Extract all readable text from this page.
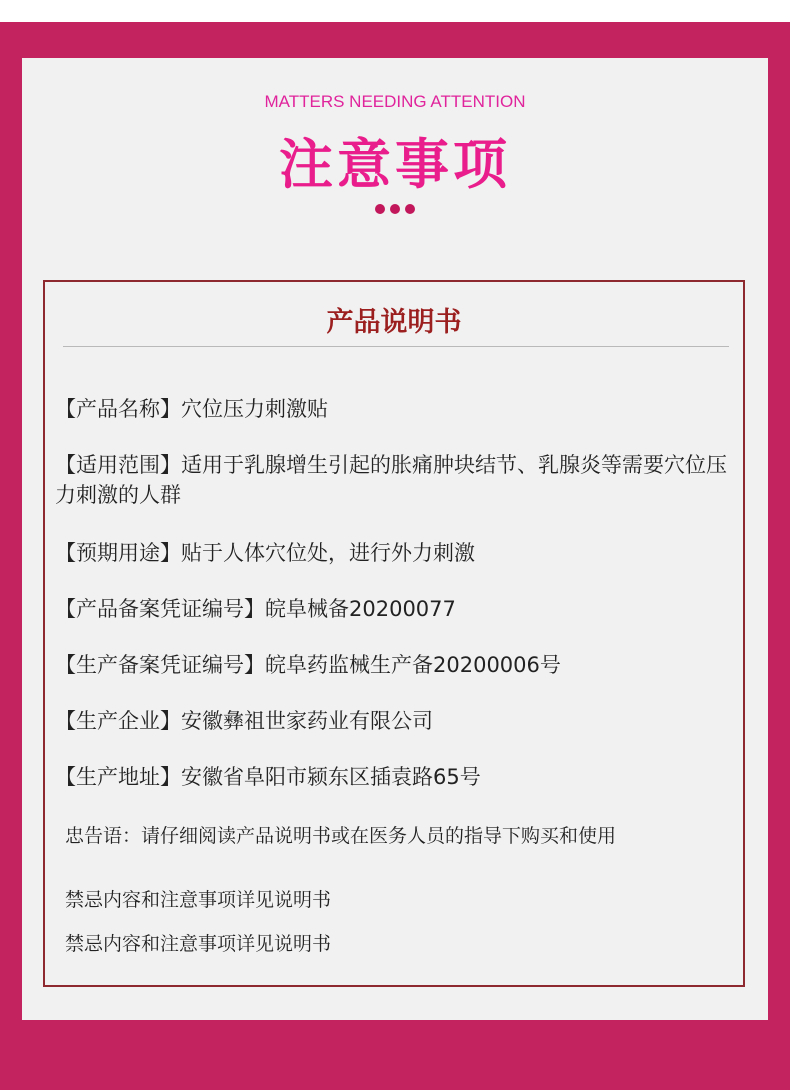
MATTERS NEEDING ATTENTION
注意事项
产品说明书
【产品名称】穴位压力刺激贴
【适用范围】适用于乳腺增生引起的胀痛肿块结节、乳腺炎等需要穴位压力刺激的人群
【预期用途】贴于人体穴位处，进行外力刺激
【产品备案凭证编号】皖阜械备20200077
【生产备案凭证编号】皖阜药监械生产备20200006号
【生产企业】安徽彝祖世家药业有限公司
【生产地址】安徽省阜阳市颍东区插袁路65号
忠告语：请仔细阅读产品说明书或在医务人员的指导下购买和使用
禁忌内容和注意事项详见说明书
禁忌内容和注意事项详见说明书
